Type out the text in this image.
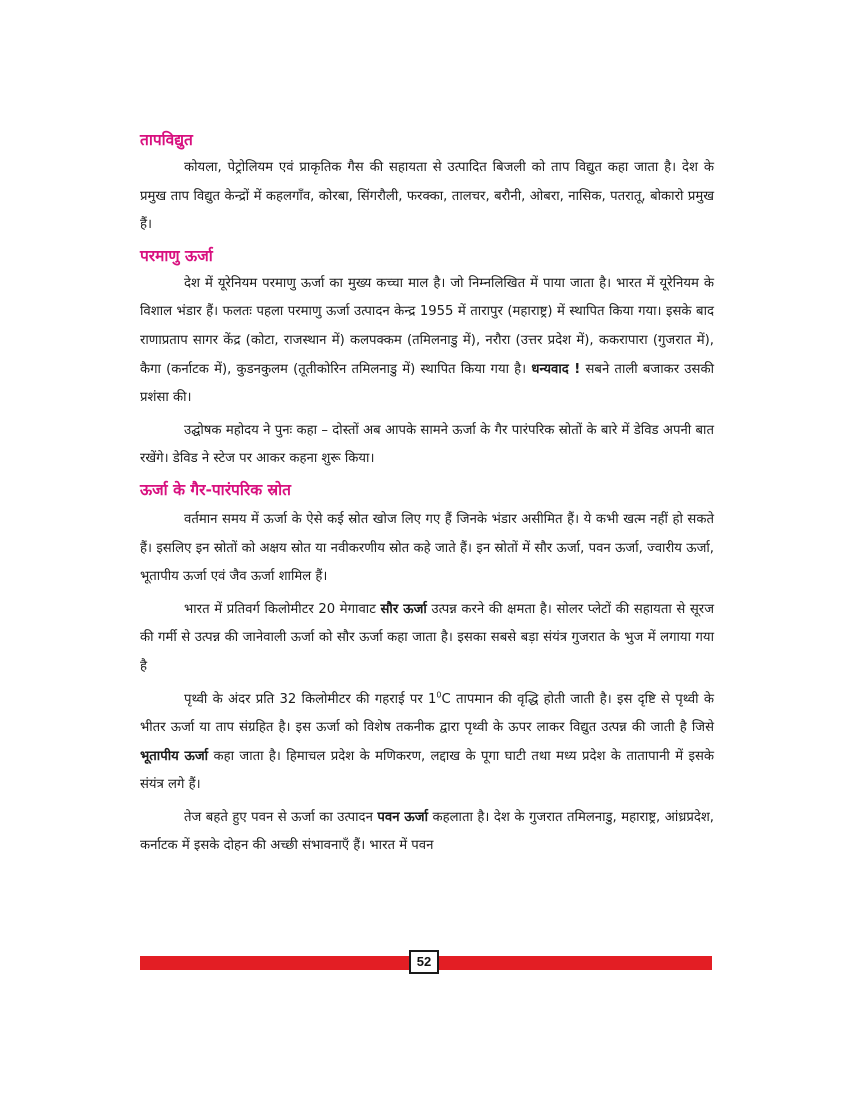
तापविद्युत

कोयला, पेट्रोलियम एवं प्राकृतिक गैस की सहायता से उत्पादित बिजली को ताप विद्युत कहा जाता है। देश के प्रमुख ताप विद्युत केन्द्रों में कहलगाँव, कोरबा, सिंगरौली, फरक्का, तालचर, बरौनी, ओबरा, नासिक, पतरातू, बोकारो प्रमुख हैं।

परमाणु ऊर्जा

देश में यूरेनियम परमाणु ऊर्जा का मुख्य कच्चा माल है। जो निम्नलिखित में पाया जाता है। भारत में यूरेनियम के विशाल भंडार हैं। फलतः पहला परमाणु ऊर्जा उत्पादन केन्द्र 1955 में तारापुर (महाराष्ट्र) में स्थापित किया गया। इसके बाद राणाप्रताप सागर केंद्र (कोटा, राजस्थान में) कलपक्कम (तमिलनाडु में), नरौरा (उत्तर प्रदेश में), ककरापारा (गुजरात में), कैगा (कर्नाटक में), कुडनकुलम (तूतीकोरिन तमिलनाडु में) स्थापित किया गया है। धन्यवाद ! सबने ताली बजाकर उसकी प्रशंसा की।

उद्घोषक महोदय ने पुनः कहा – दोस्तों अब आपके सामने ऊर्जा के गैर पारंपरिक स्रोतों के बारे में डेविड अपनी बात रखेंगे। डेविड ने स्टेज पर आकर कहना शुरू किया।

ऊर्जा के गैर-पारंपरिक स्रोत

वर्तमान समय में ऊर्जा के ऐसे कई स्रोत खोज लिए गए हैं जिनके भंडार असीमित हैं। ये कभी खत्म नहीं हो सकते हैं। इसलिए इन स्रोतों को अक्षय स्रोत या नवीकरणीय स्रोत कहे जाते हैं। इन स्रोतों में सौर ऊर्जा, पवन ऊर्जा, ज्वारीय ऊर्जा, भूतापीय ऊर्जा एवं जैव ऊर्जा शामिल हैं।

भारत में प्रतिवर्ग किलोमीटर 20 मेगावाट सौर ऊर्जा उत्पन्न करने की क्षमता है। सोलर प्लेटों की सहायता से सूरज की गर्मी से उत्पन्न की जानेवाली ऊर्जा को सौर ऊर्जा कहा जाता है। इसका सबसे बड़ा संयंत्र गुजरात के भुज में लगाया गया है

पृथ्वी के अंदर प्रति 32 किलोमीटर की गहराई पर $1^0C$ तापमान की वृद्धि होती जाती है। इस दृष्टि से पृथ्वी के भीतर ऊर्जा या ताप संग्रहित है। इस ऊर्जा को विशेष तकनीक द्वारा पृथ्वी के ऊपर लाकर विद्युत उत्पन्न की जाती है जिसे भूतापीय ऊर्जा कहा जाता है। हिमाचल प्रदेश के मणिकरण, लद्दाख के पूगा घाटी तथा मध्य प्रदेश के तातापानी में इसके संयंत्र लगे हैं।

तेज बहते हुए पवन से ऊर्जा का उत्पादन पवन ऊर्जा कहलाता है। देश के गुजरात तमिलनाडु, महाराष्ट्र, आंध्रप्रदेश, कर्नाटक में इसके दोहन की अच्छी संभावनाएँ हैं। भारत में पवन

52
